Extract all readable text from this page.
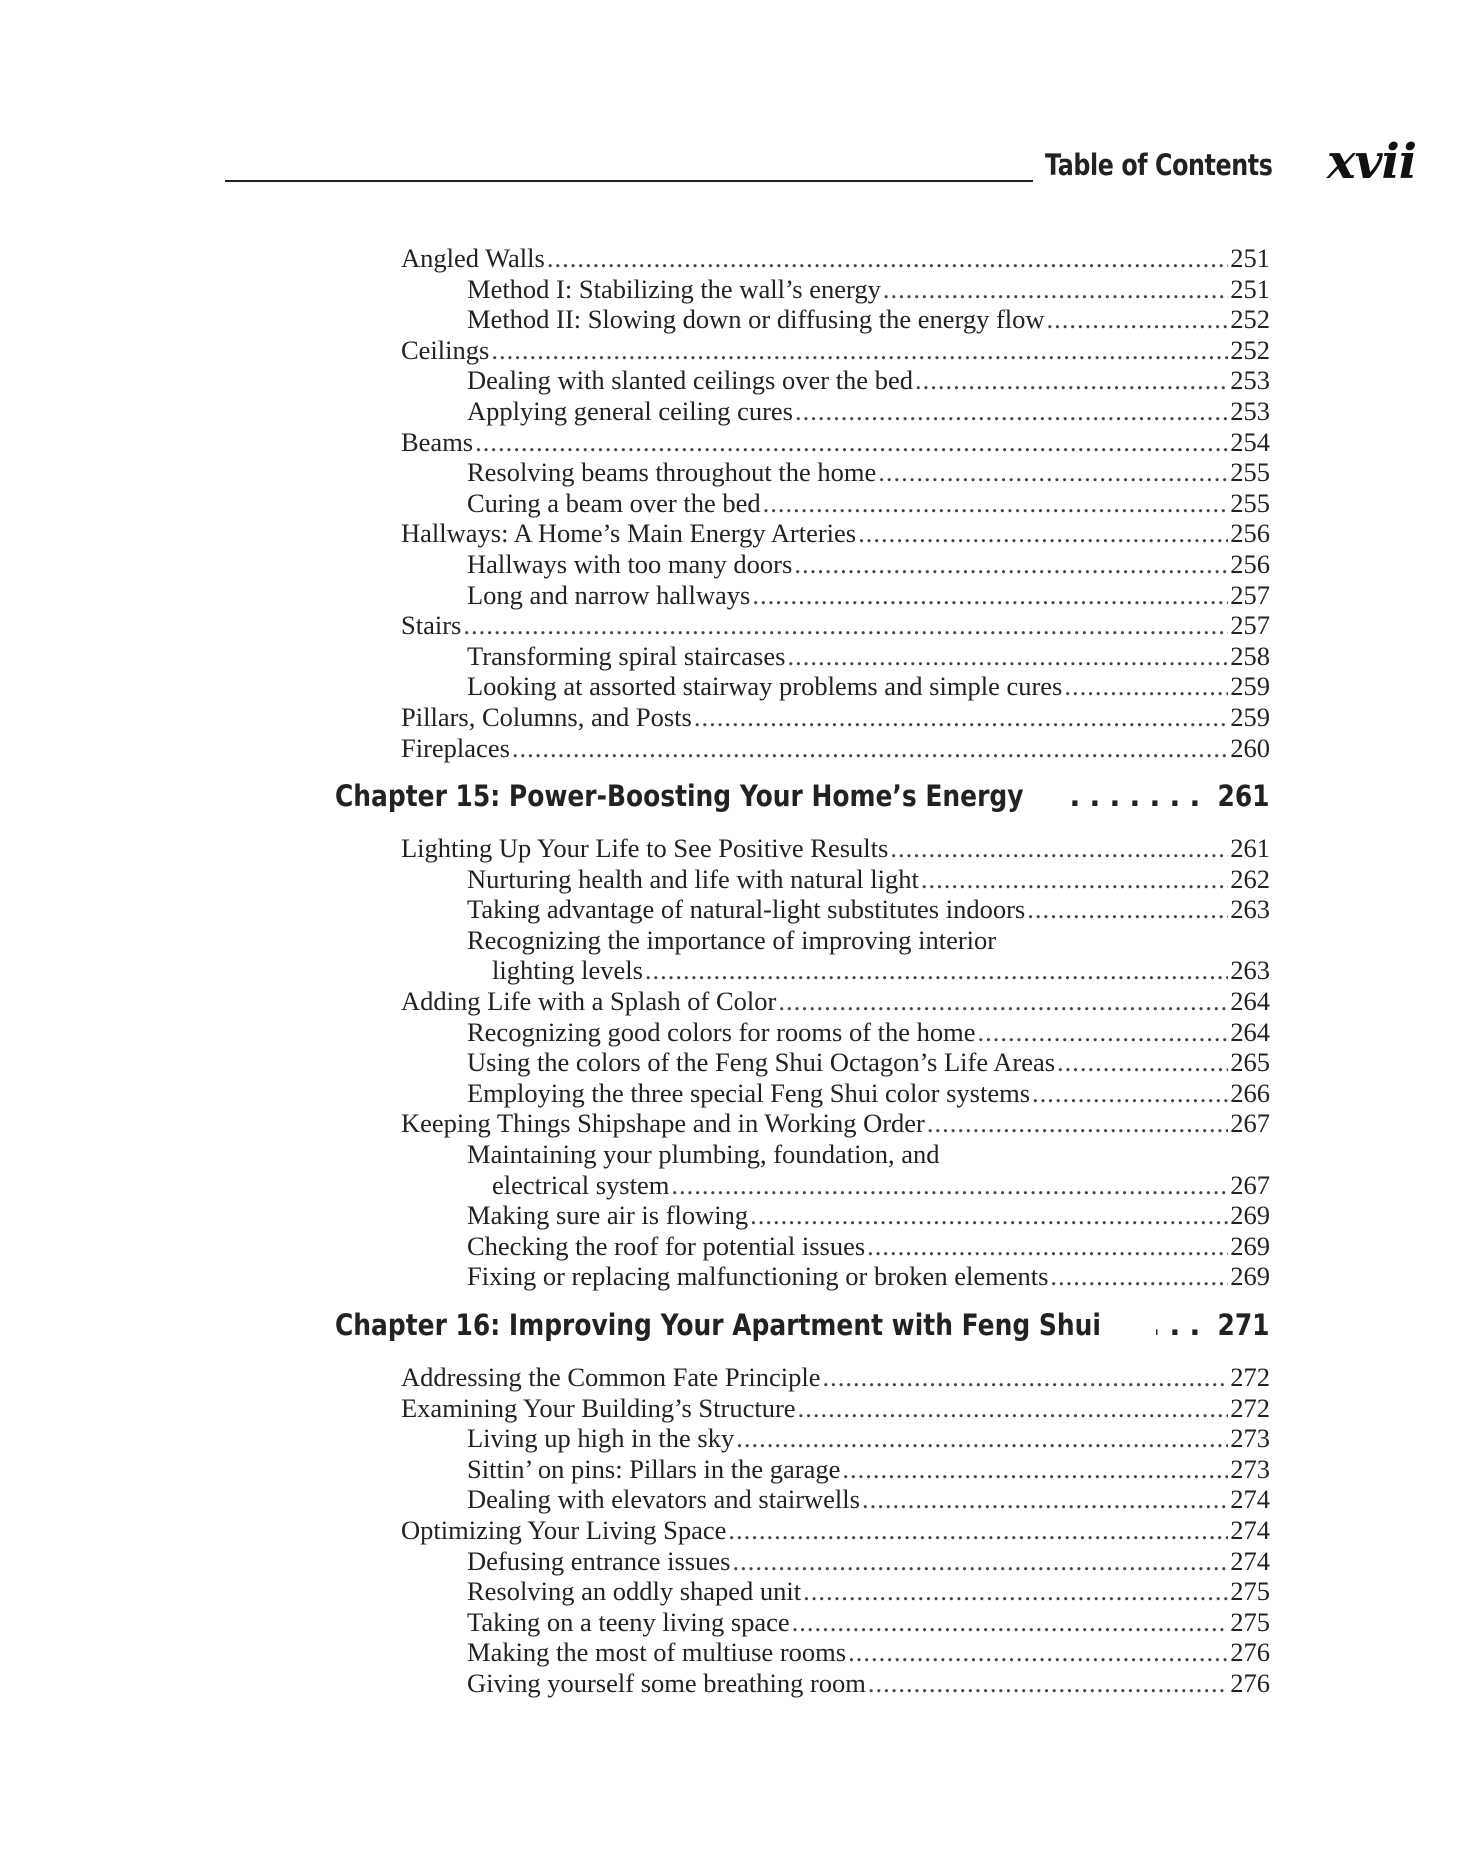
Table of Contents xvii
Angled Walls .....	251
Method I: Stabilizing the wall’s energy .....	251
Method II: Slowing down or diffusing the energy flow .....	252
Ceilings .....	252
Dealing with slanted ceilings over the bed .....	253
Applying general ceiling cures .....	253
Beams .....	254
Resolving beams throughout the home .....	255
Curing a beam over the bed .....	255
Hallways: A Home’s Main Energy Arteries .....	256
Hallways with too many doors .....	256
Long and narrow hallways .....	257
Stairs .....	257
Transforming spiral staircases .....	258
Looking at assorted stairway problems and simple cures .....	259
Pillars, Columns, and Posts .....	259
Fireplaces .....	260
Chapter 15: Power-Boosting Your Home’s Energy .....	261
Lighting Up Your Life to See Positive Results .....	261
Nurturing health and life with natural light .....	262
Taking advantage of natural-light substitutes indoors .....	263
Recognizing the importance of improving interior
lighting levels .....	263
Adding Life with a Splash of Color .....	264
Recognizing good colors for rooms of the home .....	264
Using the colors of the Feng Shui Octagon’s Life Areas .....	265
Employing the three special Feng Shui color systems .....	266
Keeping Things Shipshape and in Working Order .....	267
Maintaining your plumbing, foundation, and
electrical system .....	267
Making sure air is flowing .....	269
Checking the roof for potential issues .....	269
Fixing or replacing malfunctioning or broken elements .....	269
Chapter 16: Improving Your Apartment with Feng Shui .....	271
Addressing the Common Fate Principle .....	272
Examining Your Building’s Structure .....	272
Living up high in the sky .....	273
Sittin’ on pins: Pillars in the garage .....	273
Dealing with elevators and stairwells .....	274
Optimizing Your Living Space .....	274
Defusing entrance issues .....	274
Resolving an oddly shaped unit .....	275
Taking on a teeny living space .....	275
Making the most of multiuse rooms .....	276
Giving yourself some breathing room .....	276
